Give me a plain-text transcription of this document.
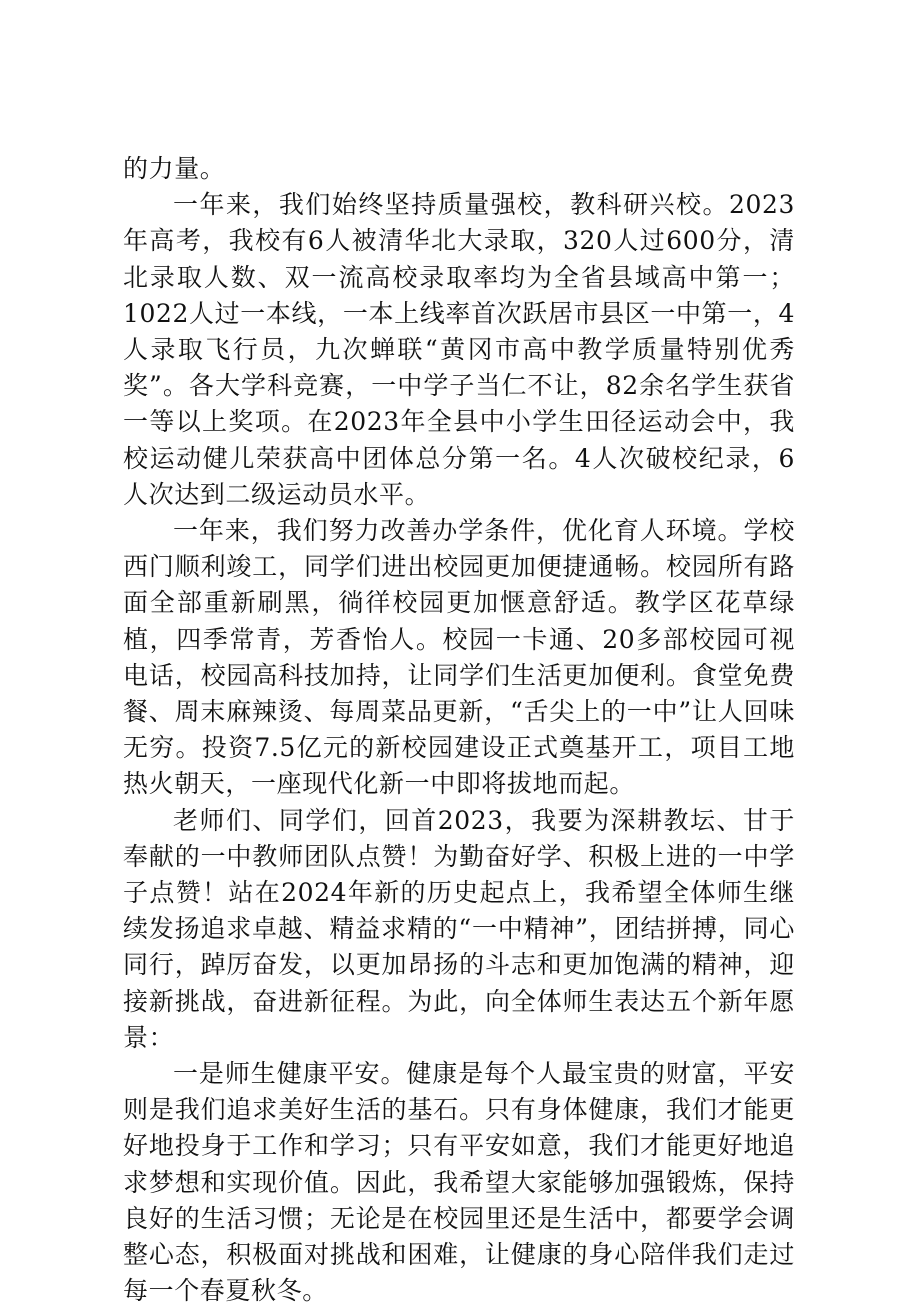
的力量。

一年来，我们始终坚持质量强校，教科研兴校。2023年高考，我校有6人被清华北大录取，320人过600分，清北录取人数、双一流高校录取率均为全省县域高中第一；1022人过一本线，一本上线率首次跃居市县区一中第一，4人录取飞行员，九次蝉联“黄冈市高中教学质量特别优秀奖”。各大学科竞赛，一中学子当仁不让，82余名学生获省一等以上奖项。在2023年全县中小学生田径运动会中，我校运动健儿荣获高中团体总分第一名。4人次破校纪录，6人次达到二级运动员水平。

一年来，我们努力改善办学条件，优化育人环境。学校西门顺利竣工，同学们进出校园更加便捷通畅。校园所有路面全部重新刷黑，徜徉校园更加惬意舒适。教学区花草绿植，四季常青，芳香怡人。校园一卡通、20多部校园可视电话，校园高科技加持，让同学们生活更加便利。食堂免费餐、周末麻辣烫、每周菜品更新，“舌尖上的一中”让人回味无穷。投资7.5亿元的新校园建设正式奠基开工，项目工地热火朝天，一座现代化新一中即将拔地而起。

老师们、同学们，回首2023，我要为深耕教坛、甘于奉献的一中教师团队点赞！为勤奋好学、积极上进的一中学子点赞！站在2024年新的历史起点上，我希望全体师生继续发扬追求卓越、精益求精的“一中精神”，团结拼搏，同心同行，踔厉奋发，以更加昂扬的斗志和更加饱满的精神，迎接新挑战，奋进新征程。为此，向全体师生表达五个新年愿景：

一是师生健康平安。健康是每个人最宝贵的财富，平安则是我们追求美好生活的基石。只有身体健康，我们才能更好地投身于工作和学习；只有平安如意，我们才能更好地追求梦想和实现价值。因此，我希望大家能够加强锻炼，保持良好的生活习惯；无论是在校园里还是生活中，都要学会调整心态，积极面对挑战和困难，让健康的身心陪伴我们走过每一个春夏秋冬。
